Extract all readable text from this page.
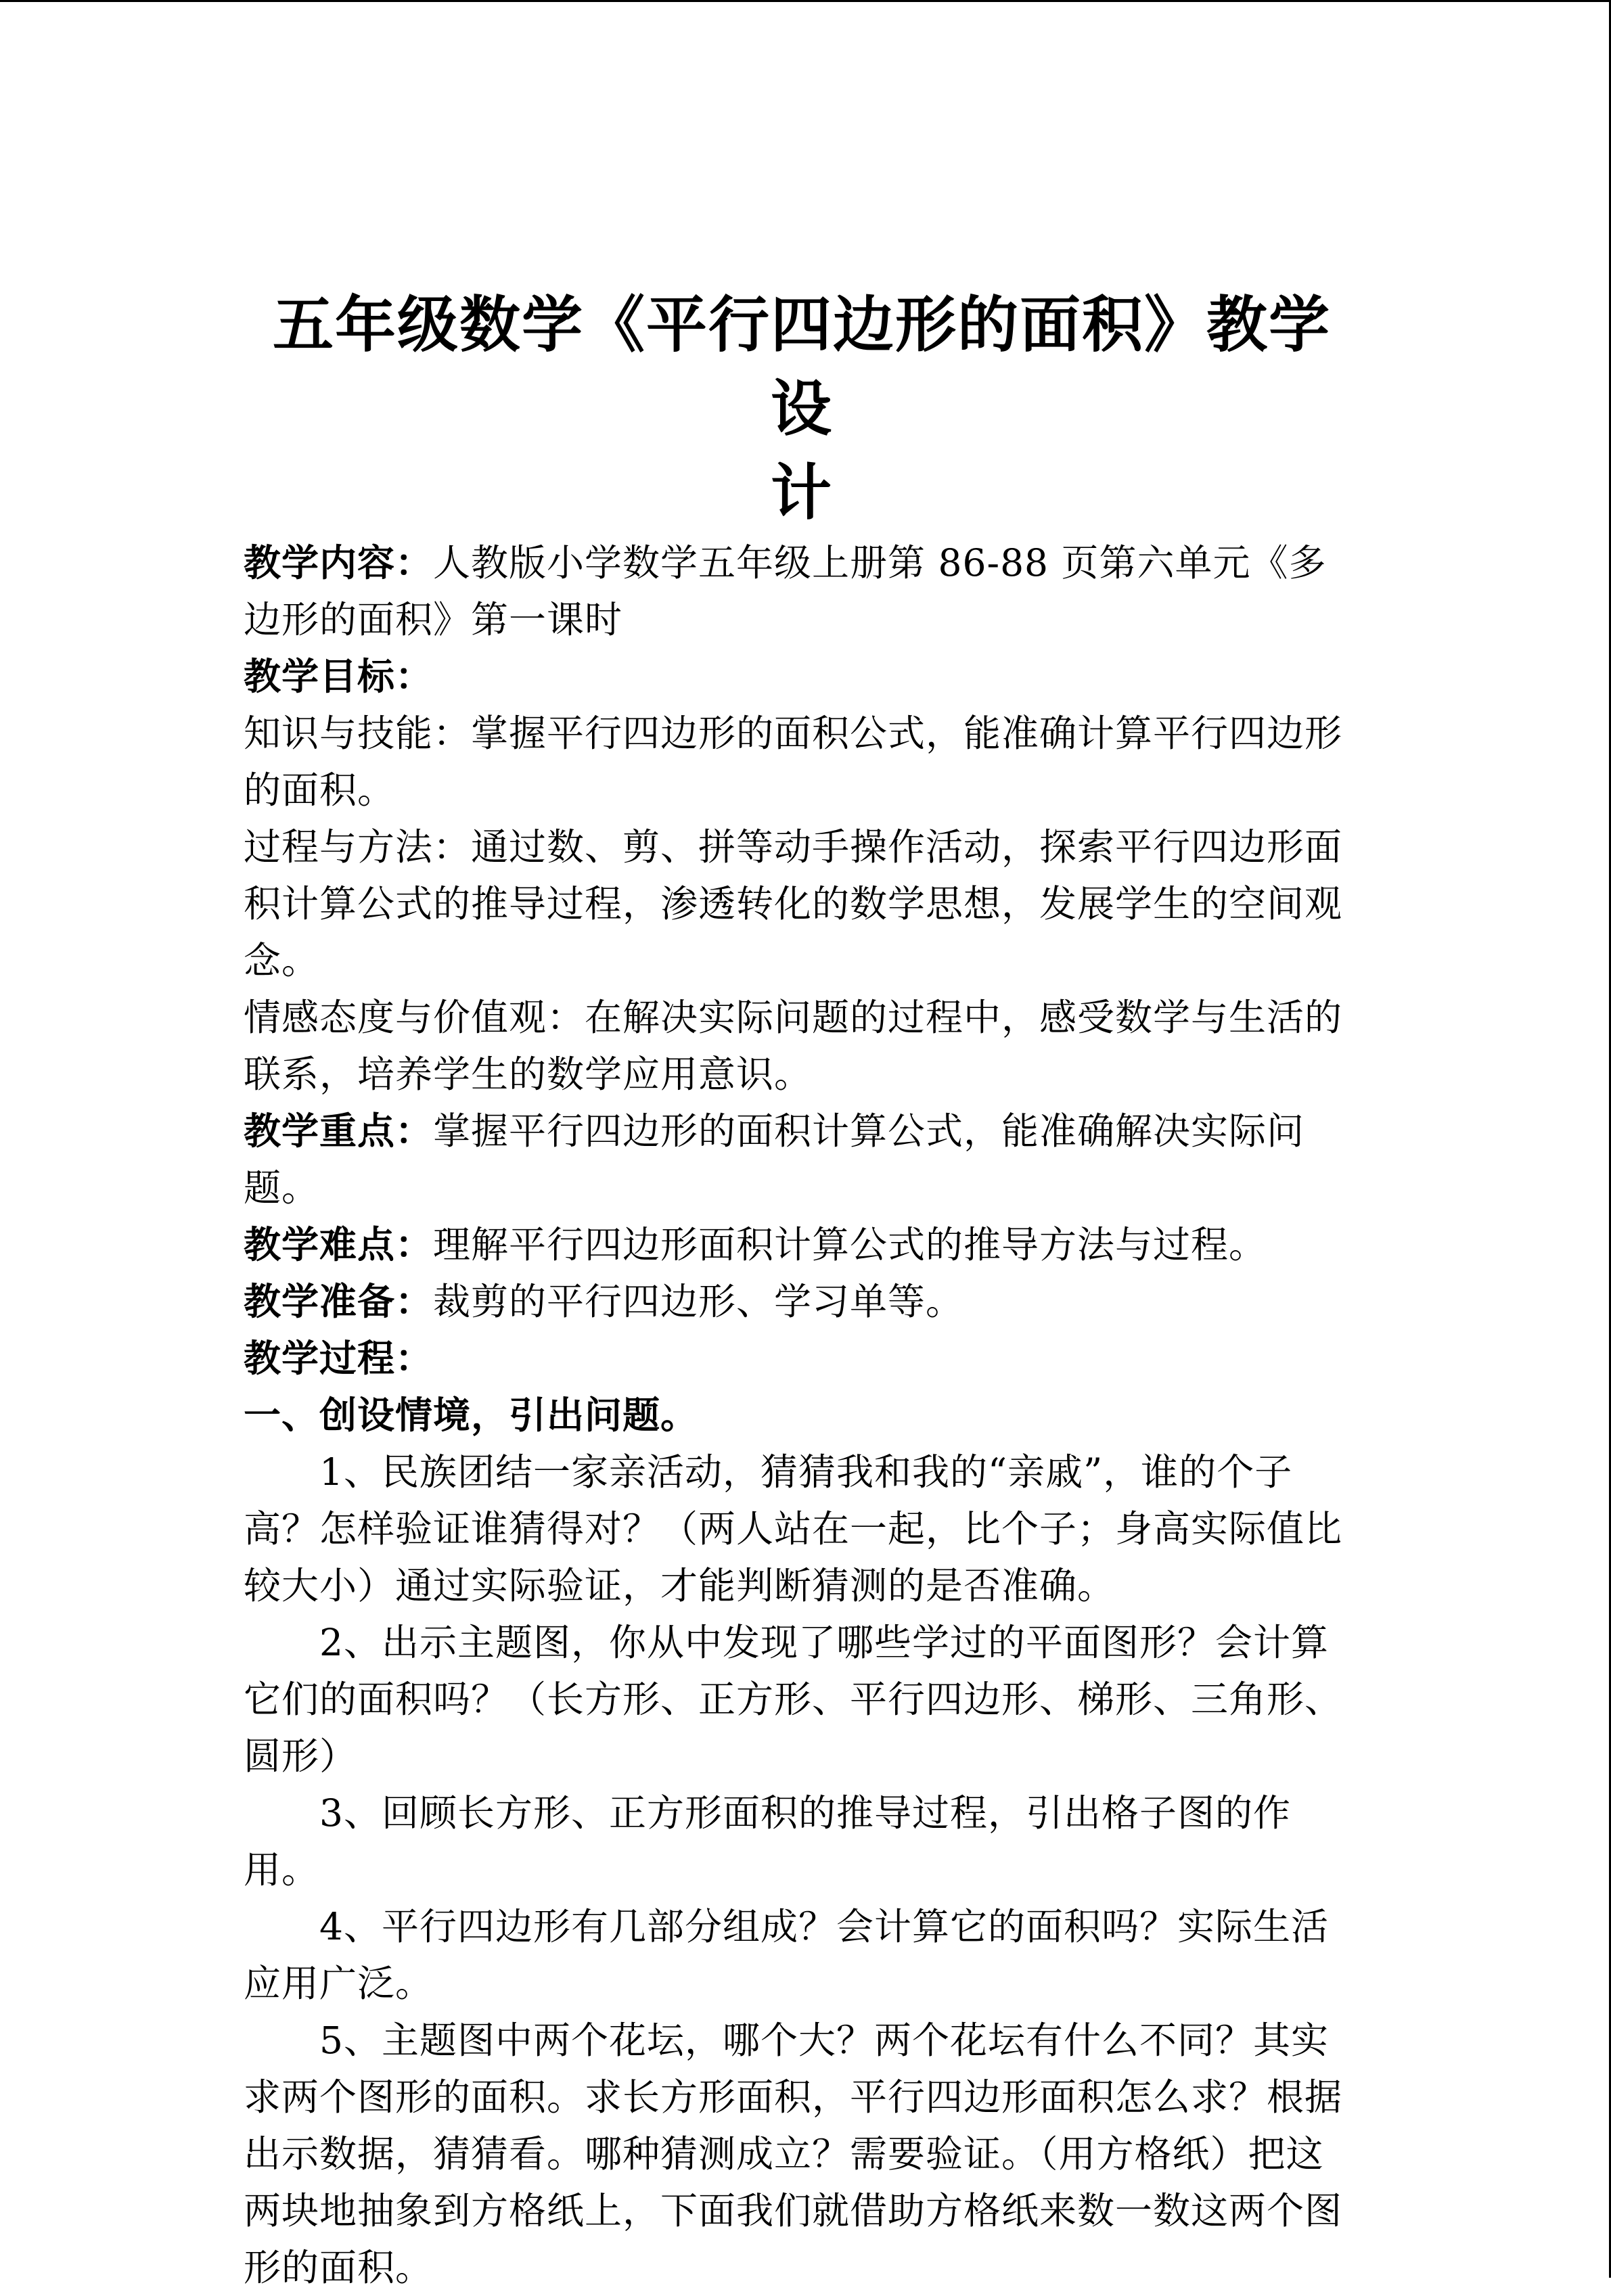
五年级数学《平行四边形的面积》教学设
计

教学内容：人教版小学数学五年级上册第 86-88 页第六单元《多边形的面积》第一课时

教学目标：

知识与技能：掌握平行四边形的面积公式，能准确计算平行四边形的面积。

过程与方法：通过数、剪、拼等动手操作活动，探索平行四边形面积计算公式的推导过程，渗透转化的数学思想，发展学生的空间观念。

情感态度与价值观：在解决实际问题的过程中，感受数学与生活的联系，培养学生的数学应用意识。

教学重点：掌握平行四边形的面积计算公式，能准确解决实际问题。

教学难点：理解平行四边形面积计算公式的推导方法与过程。

教学准备：裁剪的平行四边形、学习单等。

教学过程：

一、创设情境，引出问题。

1、民族团结一家亲活动，猜猜我和我的“亲戚”，谁的个子高？怎样验证谁猜得对？（两人站在一起，比个子；身高实际值比较大小）通过实际验证，才能判断猜测的是否准确。

2、出示主题图，你从中发现了哪些学过的平面图形？会计算它们的面积吗？（长方形、正方形、平行四边形、梯形、三角形、圆形）

3、回顾长方形、正方形面积的推导过程，引出格子图的作用。

4、平行四边形有几部分组成？会计算它的面积吗？实际生活应用广泛。

5、主题图中两个花坛，哪个大？两个花坛有什么不同？其实求两个图形的面积。求长方形面积，平行四边形面积怎么求？根据出示数据，猜猜看。哪种猜测成立？需要验证。（用方格纸）把这两块地抽象到方格纸上，下面我们就借助方格纸来数一数这两个图形的面积。
